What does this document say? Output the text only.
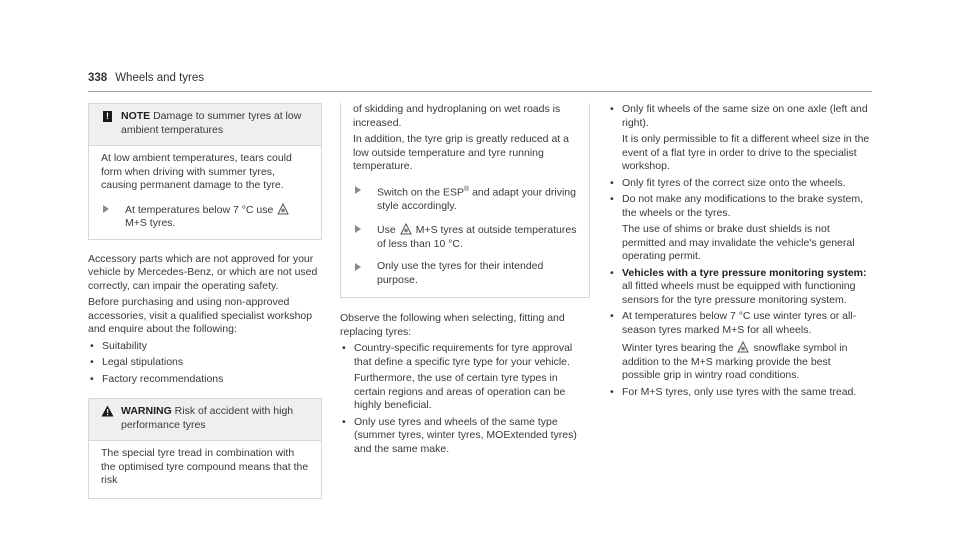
338 Wheels and tyres
! NOTE Damage to summer tyres at low ambient temperatures

At low ambient temperatures, tears could form when driving with summer tyres, causing permanent damage to the tyre.

At temperatures below 7 °C use
M+S tyres.

Accessory parts which are not approved for your vehicle by Mercedes-Benz, or which are not used correctly, can impair the operating safety.

Before purchasing and using non-approved accessories, visit a qualified specialist workshop and enquire about the following:

• Suitability
• Legal stipulations
• Factory recommendations
WARNING Risk of accident with high performance tyres

The special tyre tread in combination with the optimised tyre compound means that the risk

of skidding and hydroplaning on wet roads is increased.

In addition, the tyre grip is greatly reduced at a low outside temperature and tyre running temperature.

Switch on the ESP® and adapt your driving style accordingly.
Use M+S tyres at outside temperatures of less than 10 °C.
Only use the tyres for their intended purpose.

Observe the following when selecting, fitting and replacing tyres:

• Country-specific requirements for tyre approval that define a specific tyre type for your vehicle.

Furthermore, the use of certain tyre types in certain regions and areas of operation can be highly beneficial.

• Only use tyres and wheels of the same type (summer tyres, winter tyres, MOExtended tyres) and the same make.
• Only fit wheels of the same size on one axle (left and right).

It is only permissible to fit a different wheel size in the event of a flat tyre in order to drive to the specialist workshop.

• Only fit tyres of the correct size onto the wheels.
• Do not make any modifications to the brake system, the wheels or the tyres.

The use of shims or brake dust shields is not permitted and may invalidate the vehicle's general operating permit.

• Vehicles with a tyre pressure monitoring system: all fitted wheels must be equipped with functioning sensors for the tyre pressure monitoring system.
• At temperatures below 7 °C use winter tyres or all-season tyres marked M+S for all wheels.

Winter tyres bearing the snowflake symbol in addition to the M+S marking provide the best possible grip in wintry road conditions.

• For M+S tyres, only use tyres with the same tread.
